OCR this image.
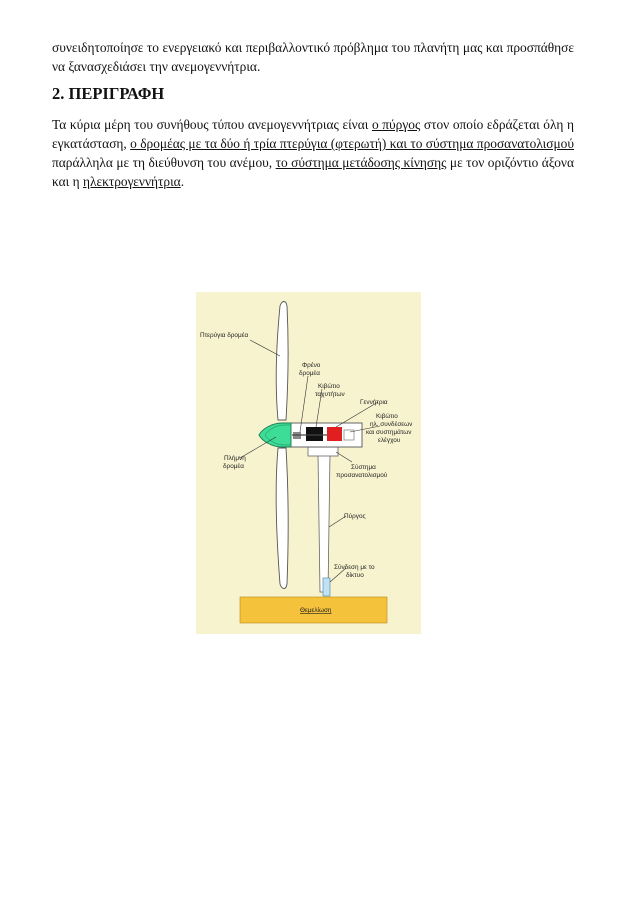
συνειδητοποίησε το ενεργειακό και περιβαλλοντικό πρόβλημα του πλανήτη μας και προσπάθησε να ξανασχεδιάσει την ανεμογεννήτρια.

2. ΠΕΡΙΓΡΑΦΗ

Τα κύρια μέρη του συνήθους τύπου ανεμογεννήτριας είναι ο πύργος στον οποίο εδράζεται όλη η εγκατάσταση, ο δρομέας με τα δύο ή τρία πτερύγια (φτερωτή) και το σύστημα προσανατολισμού παράλληλα με τη διεύθυνση του ανέμου, το σύστημα μετάδοσης κίνησης με τον οριζόντιο άξονα και η ηλεκτρογεννήτρια.

Πτερύγια δρομέα
Φρένο
δρομέα
Κιβώτιο
ταχυτήτων
Γεννήτρια
Κιβώτιο
ηλ. συνδέσεων
και συστημάτων
ελέγχου
Πλήμνη
δρομέα	Σύστημα
προσανατολισμού
Πύργος
Σύνδεση με το
δίκτυο
Θεμελίωση
